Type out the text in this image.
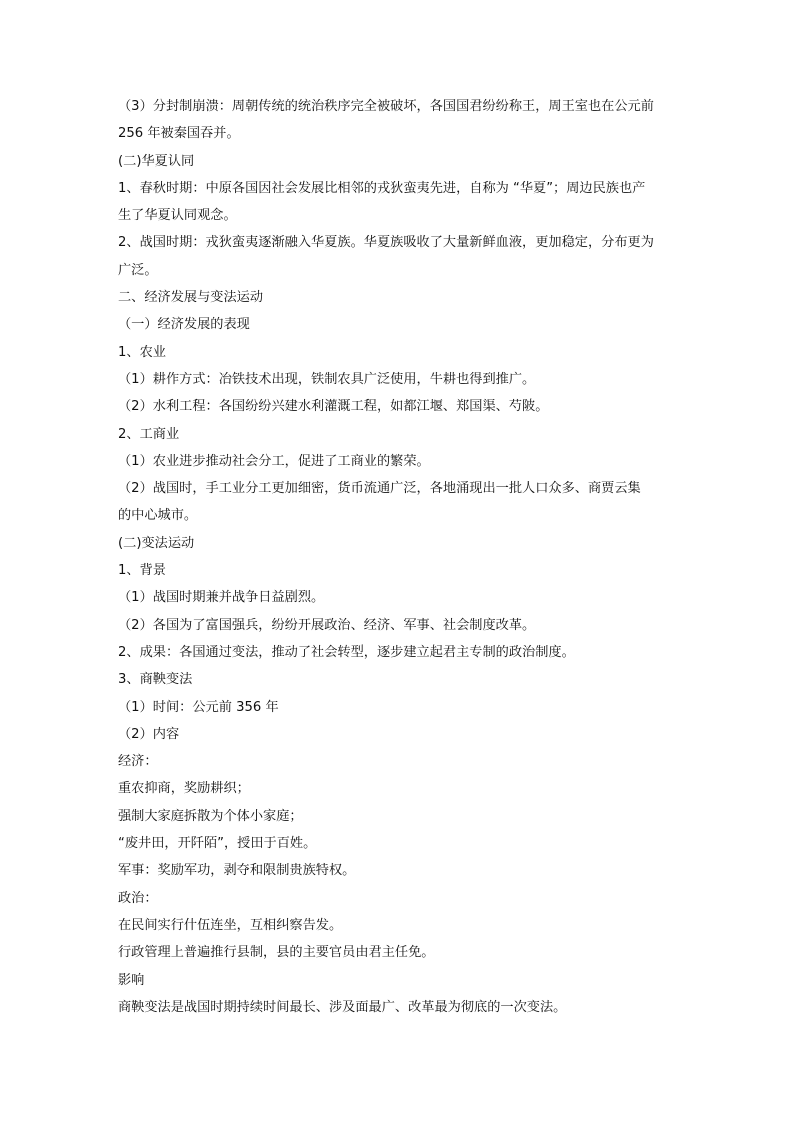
（3）分封制崩溃：周朝传统的统治秩序完全被破坏，各国国君纷纷称王，周王室也在公元前
256 年被秦国吞并。
(二)华夏认同
1、春秋时期：中原各国因社会发展比相邻的戎狄蛮夷先进，自称为 “华夏”；周边民族也产
生了华夏认同观念。
2、战国时期：戎狄蛮夷逐渐融入华夏族。华夏族吸收了大量新鲜血液，更加稳定，分布更为
广泛。
二、经济发展与变法运动
（一）经济发展的表现
1、农业
（1）耕作方式：冶铁技术出现，铁制农具广泛使用，牛耕也得到推广。
（2）水利工程：各国纷纷兴建水利灌溉工程，如都江堰、郑国渠、芍陂。
2、工商业
（1）农业进步推动社会分工，促进了工商业的繁荣。
（2）战国时，手工业分工更加细密，货币流通广泛，各地涌现出一批人口众多、商贾云集
的中心城市。
(二)变法运动
1、背景
（1）战国时期兼并战争日益剧烈。
（2）各国为了富国强兵，纷纷开展政治、经济、军事、社会制度改革。
2、成果：各国通过变法，推动了社会转型，逐步建立起君主专制的政治制度。
3、商鞅变法
（1）时间：公元前 356 年
（2）内容
经济：
重农抑商，奖励耕织；
强制大家庭拆散为个体小家庭；
“废井田，开阡陌”，授田于百姓。
军事：奖励军功，剥夺和限制贵族特权。
政治：
在民间实行什伍连坐，互相纠察告发。
行政管理上普遍推行县制，县的主要官员由君主任免。
影响
商鞅变法是战国时期持续时间最长、涉及面最广、改革最为彻底的一次变法。
